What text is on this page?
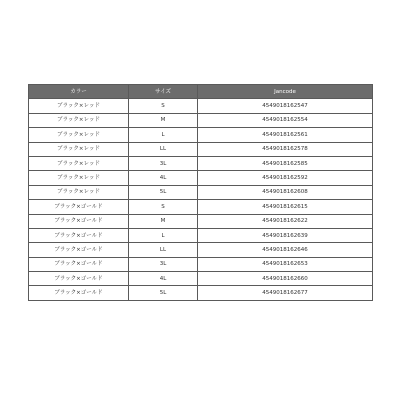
カラー	サイズ	Jancode
ブラック×レッド	S	4549018162547
ブラック×レッド	M	4549018162554
ブラック×レッド	L	4549018162561
ブラック×レッド	LL	4549018162578
ブラック×レッド	3L	4549018162585
ブラック×レッド	4L	4549018162592
ブラック×レッド	5L	4549018162608
ブラック×ゴールド	S	4549018162615
ブラック×ゴールド	M	4549018162622
ブラック×ゴールド	L	4549018162639
ブラック×ゴールド	LL	4549018162646
ブラック×ゴールド	3L	4549018162653
ブラック×ゴールド	4L	4549018162660
ブラック×ゴールド	5L	4549018162677
